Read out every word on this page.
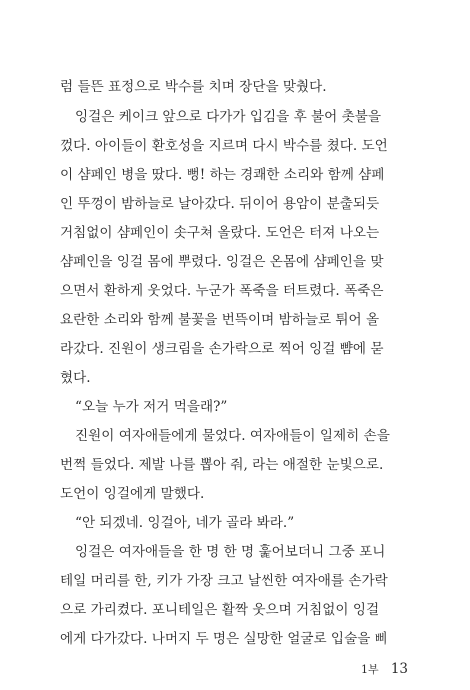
럼 들뜬 표정으로 박수를 치며 장단을 맞췄다.
잉걸은 케이크 앞으로 다가가 입김을 후 불어 촛불을
껐다. 아이들이 환호성을 지르며 다시 박수를 쳤다. 도언
이 샴페인 병을 땄다. 뻥! 하는 경쾌한 소리와 함께 샴페
인 뚜껑이 밤하늘로 날아갔다. 뒤이어 용암이 분출되듯
거침없이 샴페인이 솟구쳐 올랐다. 도언은 터져 나오는
샴페인을 잉걸 몸에 뿌렸다. 잉걸은 온몸에 샴페인을 맞
으면서 환하게 웃었다. 누군가 폭죽을 터트렸다. 폭죽은
요란한 소리와 함께 불꽃을 번뜩이며 밤하늘로 튀어 올
라갔다. 진원이 생크림을 손가락으로 찍어 잉걸 뺨에 묻
혔다.
“오늘 누가 저거 먹을래?”
진원이 여자애들에게 물었다. 여자애들이 일제히 손을
번쩍 들었다. 제발 나를 뽑아 줘, 라는 애절한 눈빛으로.
도언이 잉걸에게 말했다.
“안 되겠네. 잉걸아, 네가 골라 봐라.”
잉걸은 여자애들을 한 명 한 명 훑어보더니 그중 포니
테일 머리를 한, 키가 가장 크고 날씬한 여자애를 손가락
으로 가리켰다. 포니테일은 활짝 웃으며 거침없이 잉걸
에게 다가갔다. 나머지 두 명은 실망한 얼굴로 입술을 삐
1부 13
